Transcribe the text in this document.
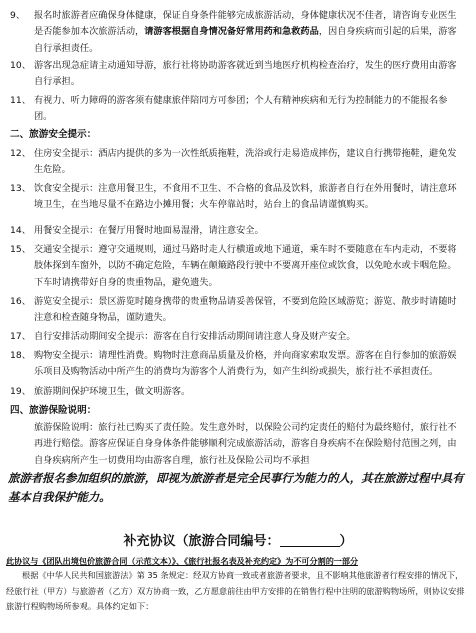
9、 报名时旅游者应确保身体健康，保证自身条件能够完成旅游活动，身体健康状况不佳者，请咨询专业医生是否能参加本次旅游活动，请游客根据自身情况备好常用药和急救药品，因自身疾病而引起的后果，游客自行承担责任。
10、 游客出现急症请主动通知导游，旅行社将协助游客就近到当地医疗机构检查治疗，发生的医疗费用由游客自行承担。
11、 有视力、听力障碍的游客须有健康旅伴陪同方可参团；个人有精神疾病和无行为控制能力的不能报名参团。
二、旅游安全提示：
12、 住房安全提示：酒店内提供的多为一次性纸质拖鞋，洗浴或行走易造成摔伤，建议自行携带拖鞋，避免发生危险。
13、 饮食安全提示：注意用餐卫生，不食用不卫生、不合格的食品及饮料，旅游者自行在外用餐时，请注意环境卫生，在当地尽量不在路边小摊用餐；火车停靠站时，站台上的食品请谨慎购买。
14、 用餐安全提示：在餐厅用餐时地面易湿滑，请注意安全。
15、 交通安全提示：遵守交通规则，通过马路时走人行横道或地下通道，乘车时不要随意在车内走动，不要将肢体探到车窗外，以防不确定危险，车辆在颠簸路段行驶中不要离开座位或饮食，以免呛水或卡咽危险。下车时请携带好自身的贵重物品，避免遗失。
16、 游览安全提示：景区游览时随身携带的贵重物品请妥善保管，不要到危险区域游览；游览、散步时请随时注意和检查随身物品，谨防遗失。
17、 自行安排活动期间安全提示：游客在自行安排活动期间请注意人身及财产安全。
18、 购物安全提示：请理性消费。购物时注意商品质量及价格，并向商家索取发票。游客在自行参加的旅游娱乐项目及购物活动中所产生的消费均为游客个人消费行为，如产生纠纷或损失，旅行社不承担责任。
19、 旅游期间保护环境卫生，做文明游客。
四、旅游保险说明：
旅游保险说明：旅行社已购买了责任险。发生意外时，以保险公司约定责任的赔付为最终赔付，旅行社不再进行赔偿。游客应保证自身身体条件能够顺利完成旅游活动，游客自身疾病不在保险赔付范围之列，由自身疾病所产生一切费用均由游客自理，旅行社及保险公司均不承担
旅游者报名参加组织的旅游，即视为旅游者是完全民事行为能力的人，其在旅游过程中具有基本自我保护能力。
补充协议（旅游合同编号：	）
此协议与《团队出境包价旅游合同（示范文本）》、《旅行社报名表及补充约定》为不可分割的一部分
根据《中华人民共和国旅游法》第 35 条规定：经双方协商一致或者旅游者要求，且不影响其他旅游者行程安排的情况下，经旅行社（甲方）与旅游者（乙方）双方协商一致，乙方愿意前往由甲方安排的在销售行程中注明的旅游购物场所，则协议安排旅游行程购物场所参观。具体约定如下：
